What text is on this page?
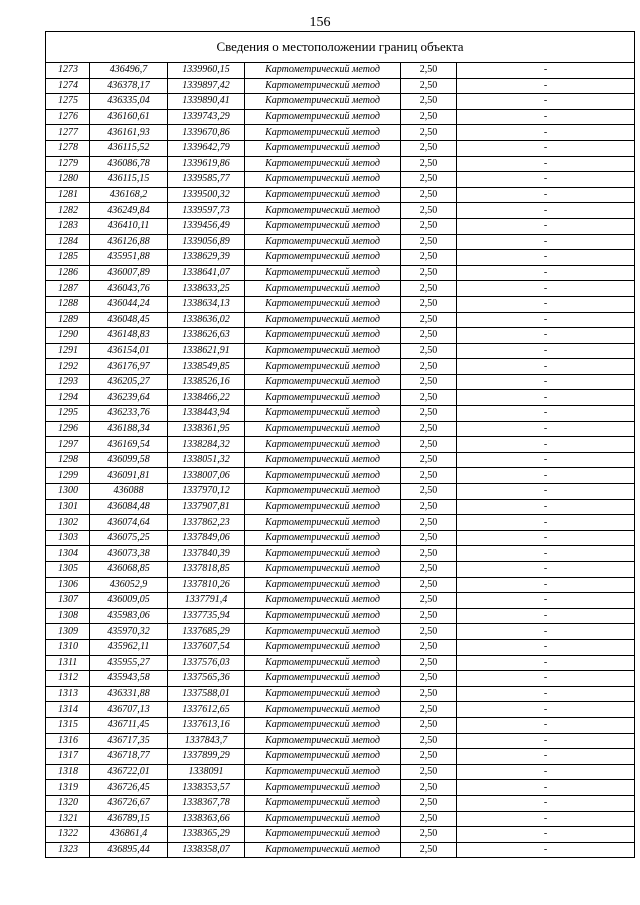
156
Сведения о местоположении границ объекта					
1273	436496,7	1339960,15	Картометрический метод	2,50	-
1274	436378,17	1339897,42	Картометрический метод	2,50	-
1275	436335,04	1339890,41	Картометрический метод	2,50	-
1276	436160,61	1339743,29	Картометрический метод	2,50	-
1277	436161,93	1339670,86	Картометрический метод	2,50	-
1278	436115,52	1339642,79	Картометрический метод	2,50	-
1279	436086,78	1339619,86	Картометрический метод	2,50	-
1280	436115,15	1339585,77	Картометрический метод	2,50	-
1281	436168,2	1339500,32	Картометрический метод	2,50	-
1282	436249,84	1339597,73	Картометрический метод	2,50	-
1283	436410,11	1339456,49	Картометрический метод	2,50	-
1284	436126,88	1339056,89	Картометрический метод	2,50	-
1285	435951,88	1338629,39	Картометрический метод	2,50	-
1286	436007,89	1338641,07	Картометрический метод	2,50	-
1287	436043,76	1338633,25	Картометрический метод	2,50	-
1288	436044,24	1338634,13	Картометрический метод	2,50	-
1289	436048,45	1338636,02	Картометрический метод	2,50	-
1290	436148,83	1338626,63	Картометрический метод	2,50	-
1291	436154,01	1338621,91	Картометрический метод	2,50	-
1292	436176,97	1338549,85	Картометрический метод	2,50	-
1293	436205,27	1338526,16	Картометрический метод	2,50	-
1294	436239,64	1338466,22	Картометрический метод	2,50	-
1295	436233,76	1338443,94	Картометрический метод	2,50	-
1296	436188,34	1338361,95	Картометрический метод	2,50	-
1297	436169,54	1338284,32	Картометрический метод	2,50	-
1298	436099,58	1338051,32	Картометрический метод	2,50	-
1299	436091,81	1338007,06	Картометрический метод	2,50	-
1300	436088	1337970,12	Картометрический метод	2,50	-
1301	436084,48	1337907,81	Картометрический метод	2,50	-
1302	436074,64	1337862,23	Картометрический метод	2,50	-
1303	436075,25	1337849,06	Картометрический метод	2,50	-
1304	436073,38	1337840,39	Картометрический метод	2,50	-
1305	436068,85	1337818,85	Картометрический метод	2,50	-
1306	436052,9	1337810,26	Картометрический метод	2,50	-
1307	436009,05	1337791,4	Картометрический метод	2,50	-
1308	435983,06	1337735,94	Картометрический метод	2,50	-
1309	435970,32	1337685,29	Картометрический метод	2,50	-
1310	435962,11	1337607,54	Картометрический метод	2,50	-
1311	435955,27	1337576,03	Картометрический метод	2,50	-
1312	435943,58	1337565,36	Картометрический метод	2,50	-
1313	436331,88	1337588,01	Картометрический метод	2,50	-
1314	436707,13	1337612,65	Картометрический метод	2,50	-
1315	436711,45	1337613,16	Картометрический метод	2,50	-
1316	436717,35	1337843,7	Картометрический метод	2,50	-
1317	436718,77	1337899,29	Картометрический метод	2,50	-
1318	436722,01	1338091	Картометрический метод	2,50	-
1319	436726,45	1338353,57	Картометрический метод	2,50	-
1320	436726,67	1338367,78	Картометрический метод	2,50	-
1321	436789,15	1338363,66	Картометрический метод	2,50	-
1322	436861,4	1338365,29	Картометрический метод	2,50	-
1323	436895,44	1338358,07	Картометрический метод	2,50	-
